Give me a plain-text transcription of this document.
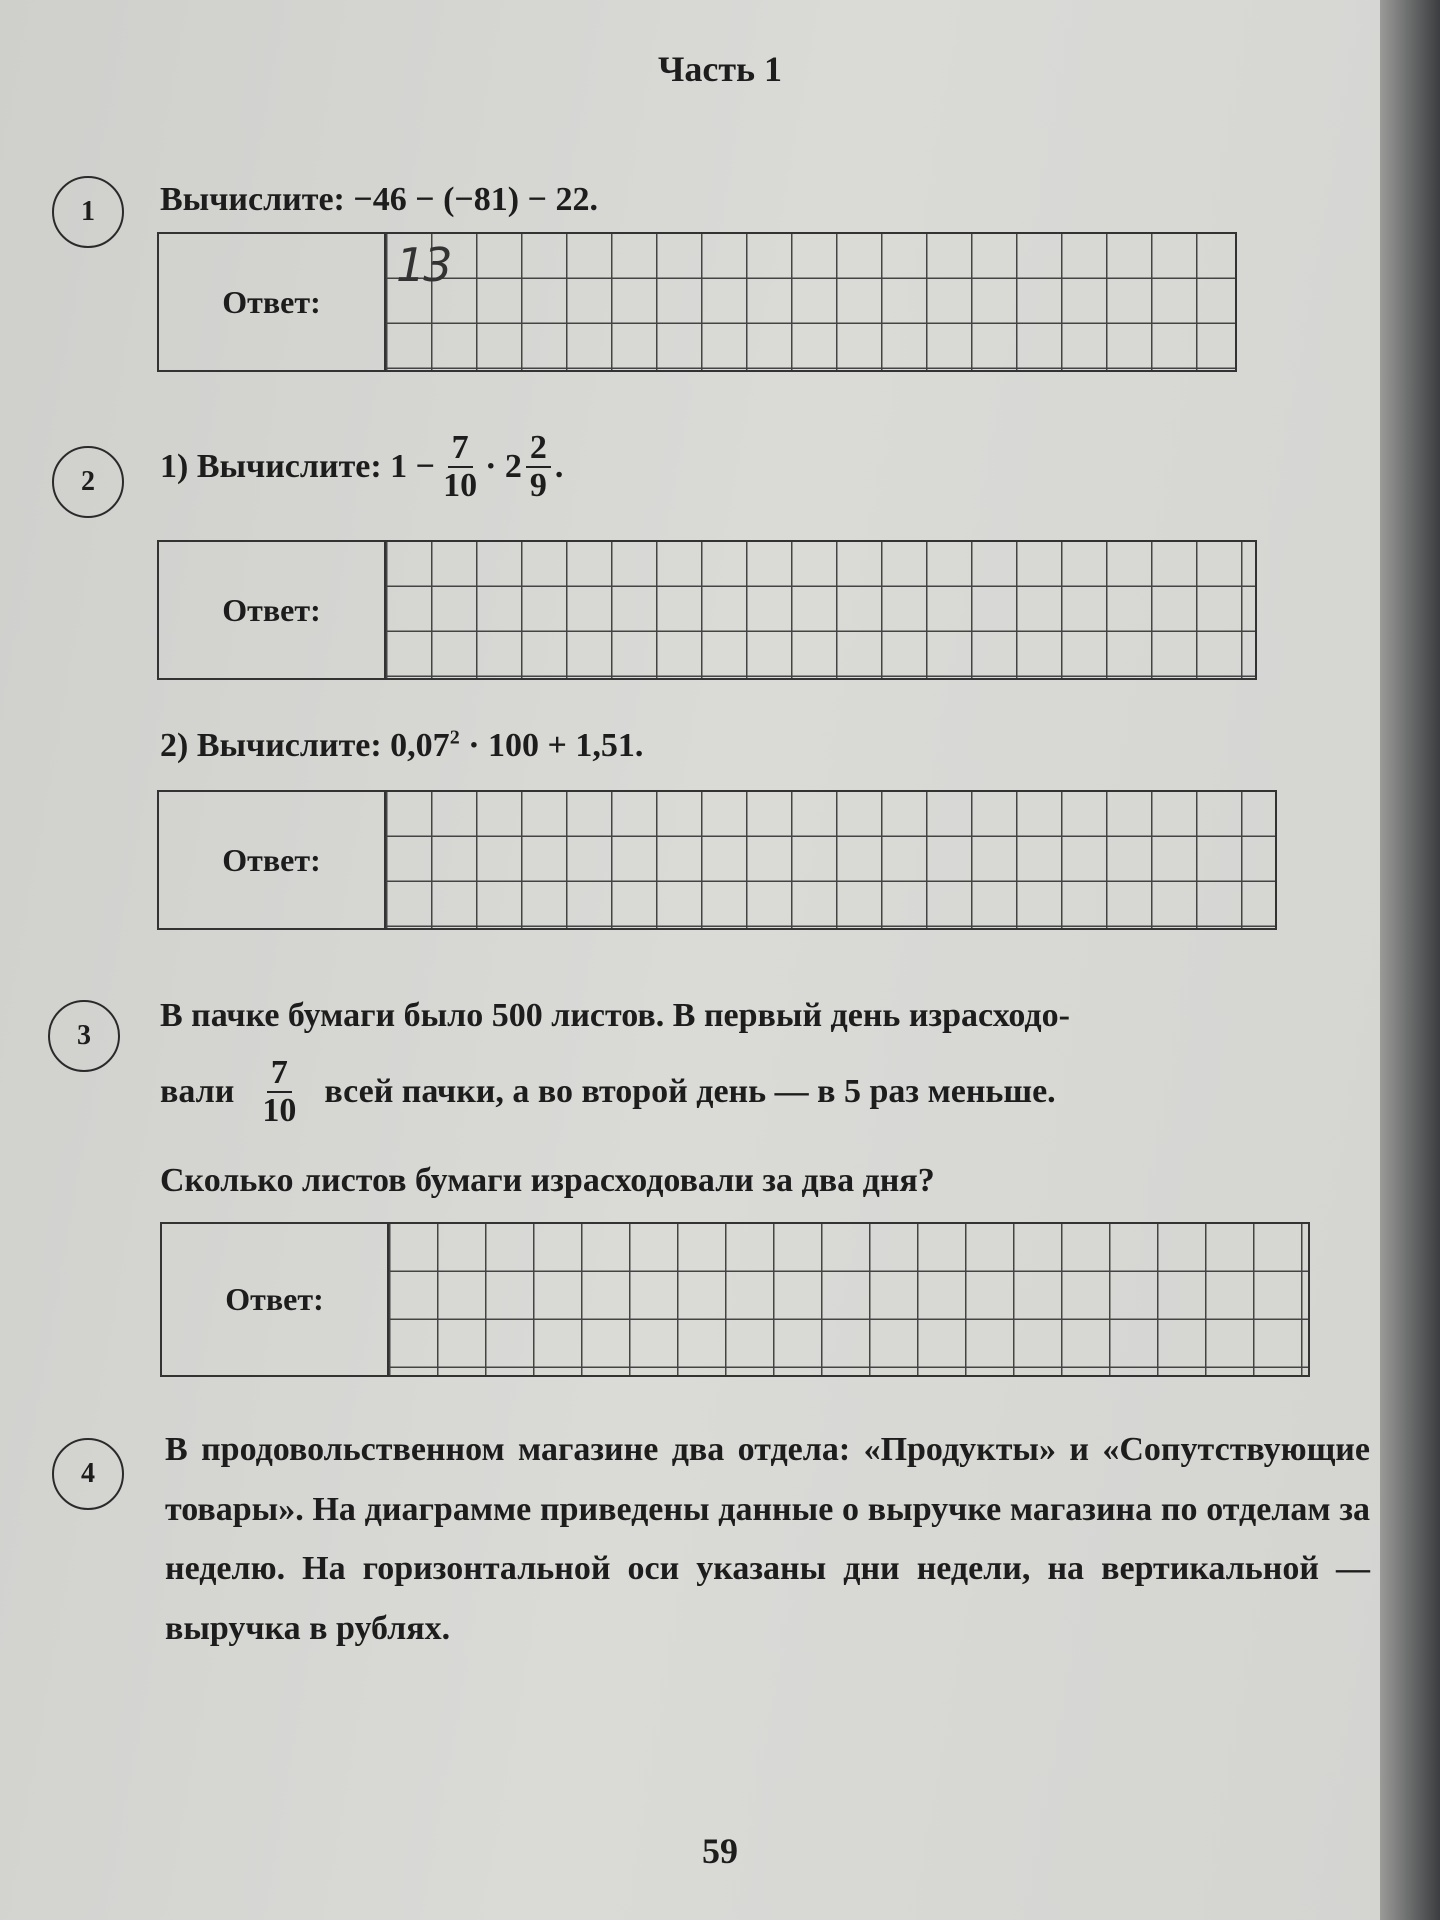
Часть 1
1	Вычислите: −46 − (−81) − 22.
Ответ:
13
2	1) Вычислите: $1 - \frac{7}{10} \cdot 2 \frac{2}{9}$ .
Ответ:
2) Вычислите: $0,07^2 \cdot 100 + 1,51$.
Ответ:
3
В пачке бумаги было 500 листов. В первый день израсходо-
вали $\frac{7}{10}$ всей пачки, а во второй день — в 5 раз меньше.
Сколько листов бумаги израсходовали за два дня?
Ответ:
4
В продовольственном магазине два отдела: «Продукты» и «Сопутствующие товары». На диаграмме приведены данные о выручке магазина по отделам за неделю. На горизонтальной оси указаны дни недели, на вертикальной — выручка в рублях.
59
